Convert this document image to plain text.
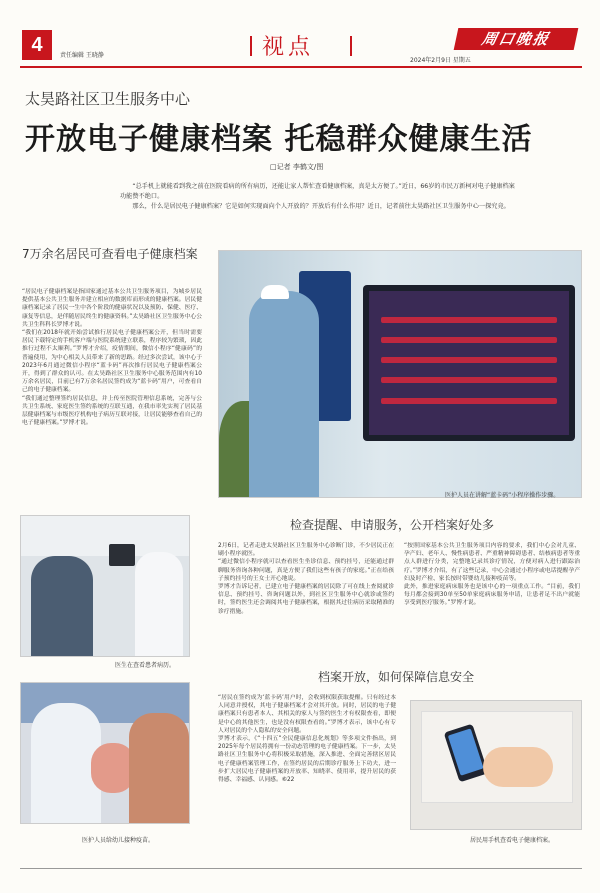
4	责任编辑 王晓静	视点	周口晚报
2024年2月9日 星期五
太昊路社区卫生服务中心
开放电子健康档案 托稳群众健康生活
□记者 李鹤文/图
“总手机上就能看到我之前在医院看病的所有病历，还能让家人帮忙查看健康档案，真是太方便了。”近日，66岁的市民万新柯对电子健康档案功能赞不绝口。
那么，什么是居民电子健康档案？它是如何实现面向个人开放的？开放后有什么作用？近日，记者前往太昊路社区卫生服务中心一探究竟。
7万余名居民可查看电子健康档案
“居民电子健康档案是指国家通过基本公共卫生服务项目，为城乡居民提供基本公共卫生服务并建立相应的数据库而形成的健康档案。居民健康档案记录了居民一生中各个阶段的健康状况以及预防、保健、医疗、康复等信息，是伴随居民终生的健康资料。”太昊路社区卫生服务中心公共卫生科科长罗博才说。
“我们在2018年就开始尝试推行居民电子健康档案公开，但当时需要居民下载特定的手机客户端与医院系统建立联系，程序较为繁琐，因此推行过程不太顺利。”罗博才介绍，疫情期间，微信小程序“健康码”的普遍使用，为中心相关人员带来了新的思路。经过多次尝试，该中心于2023年6月通过微信小程序“蓝卡码”再次推行居民电子健康档案公开，得到了群众的认可。在太昊路社区卫生服务中心服务范围内有10万余名居民，目前已有7万余名居民签约成为“蓝卡码”用户，可查看自己的电子健康档案。
“我们通过整理签约居民信息，并上传至医院管理信息系统，完善与公共卫生系统、家庭医生签约系统的互联互通，在我市率先实现了居民基层健康档案与市级医疗机构电子病历互联对接，让居民能够查看自己的电子健康档案。”罗博才说。
医护人员在讲解“蓝卡码”小程序操作步骤。
医生在查看患者病历。
检查提醒、申请服务，公开档案好处多
2月6日，记者走进太昊路社区卫生服务中心诊断门诊，不少居民正在刷小程序就医。
“通过微信小程序就可以查看医生坐诊信息、预约挂号，还能通过群聊服务咨询各种问题，真是方便了我们这些有孩子的家庭。”正在给孩子预约挂号的王女士开心地说。
罗博才告诉记者，已建立电子健康档案的居民除了可在线上查阅就诊信息、预约挂号、咨询问题以外，到社区卫生服务中心就诊或签约时，签约医生还会调阅其电子健康档案，根据其过往病历采取精准的诊疗措施。
“按照国家基本公共卫生服务项目内容的要求，我们中心会对儿童、孕产妇、老年人、慢性病患者、严重精神障碍患者、结核病患者等重点人群进行分类，完整地记录其诊疗情况，方便对病人进行跟踪治疗。”罗博才介绍，有了这些记录，中心会通过小程序或电话提醒孕产妇及时产检、家长按时带婴幼儿接种疫苗等。
此外，推进家庭病床服务也是该中心的一项重点工作。“目前，我们每月都会接到30单至50单家庭病床服务申请，让患者足不出户就能享受到医疗服务。”罗博才说。
医护人员给幼儿接种疫苗。
档案开放，如何保障信息安全
“居民在签约成为‘蓝卡码’用户时，会收到权限获取提醒。只有经过本人同意并授权，其电子健康档案才会对其开放。同时，居民的电子健康档案只有患者本人、其相关的家人与签约医生才有权限查看，即便是中心的其他医生，也是没有权限查看的。”罗博才表示，该中心有专人对居民的个人隐私的安全问题。
罗博才表示，《“十四五”全民健康信息化规划》等多项文件指出，到2025年每个居民将拥有一份动态管理的电子健康档案。下一步，太昊路社区卫生服务中心将积极采取措施，深入推进、全面完善辖区居民电子健康档案管理工作，在签约居民的后期诊疗服务上下功夫，进一步扩大居民电子健康档案的开放率、知晓率、使用率，提升居民的获得感、幸福感、认同感。⑥22
居民用手机查看电子健康档案。
